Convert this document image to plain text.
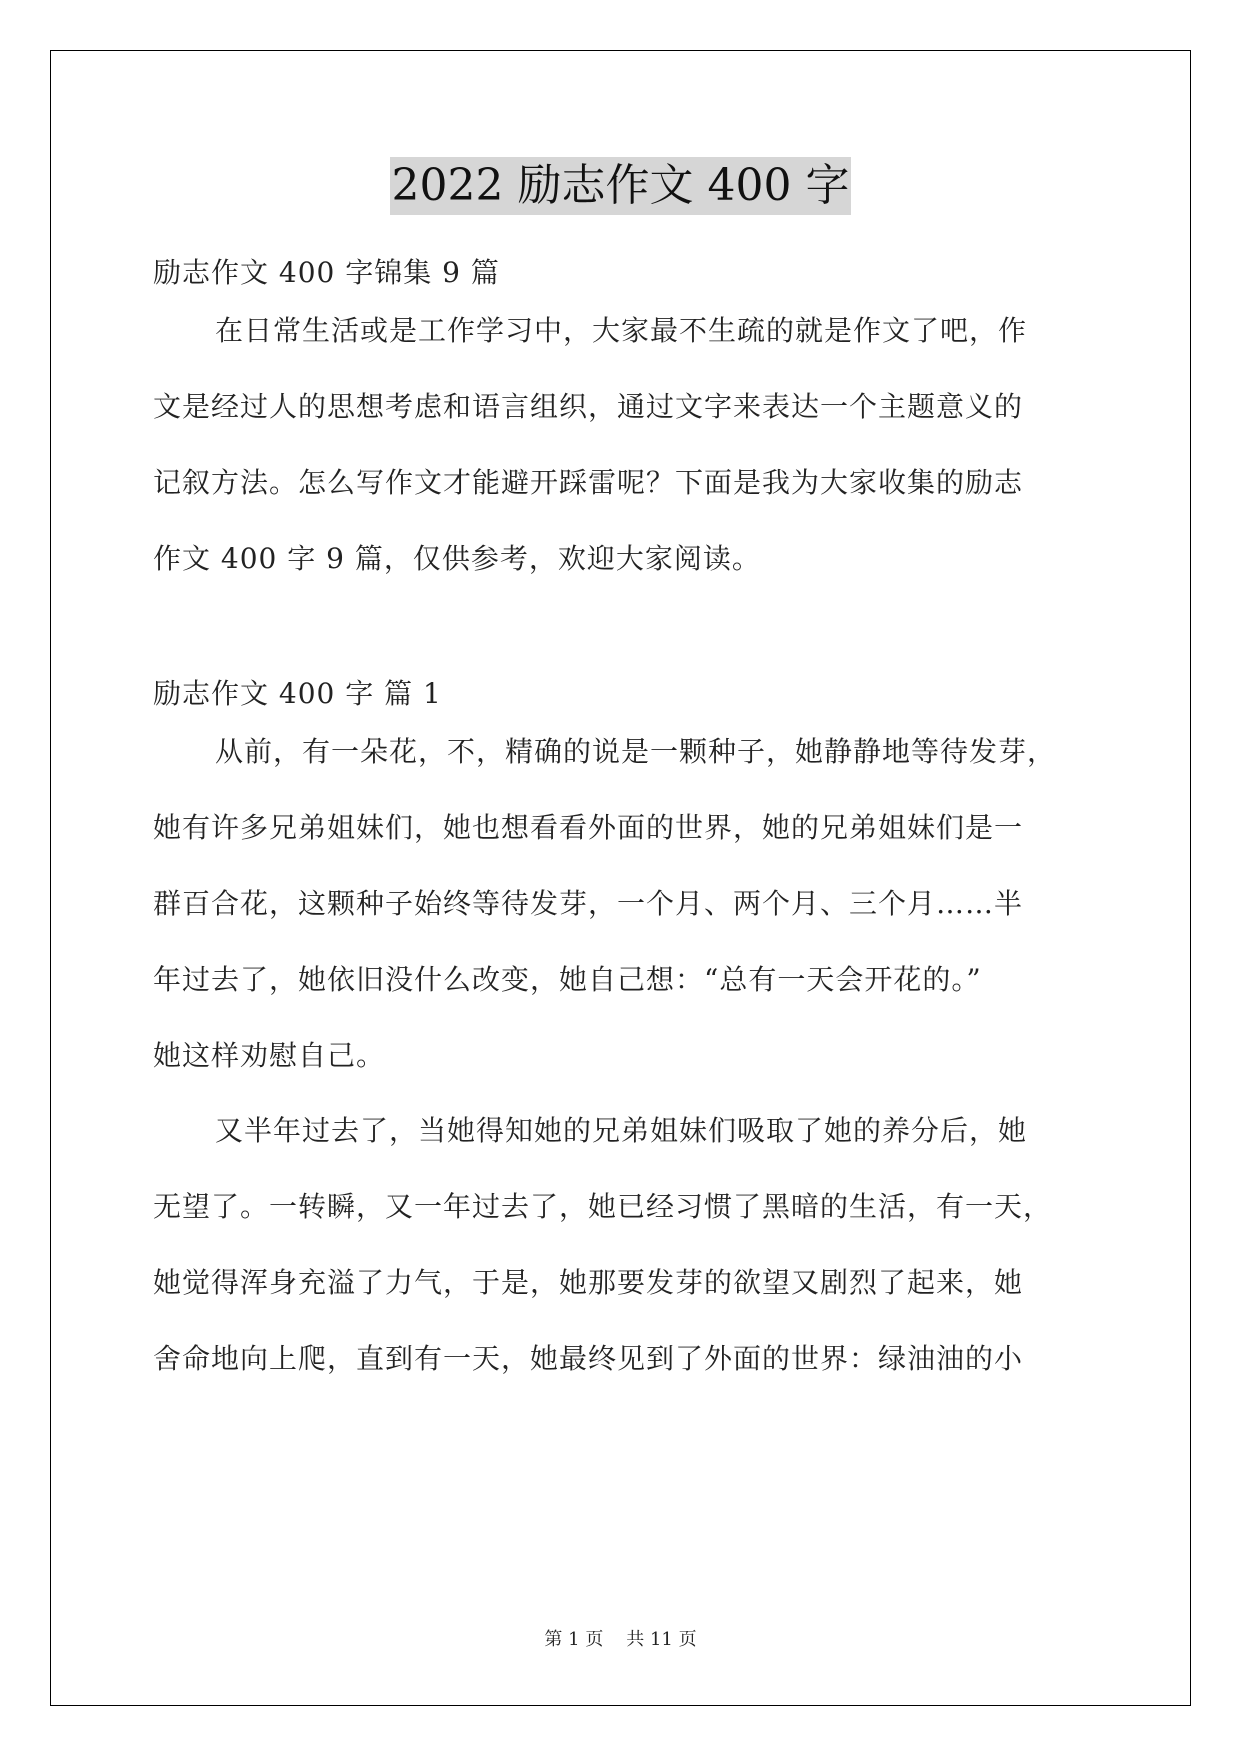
2022 励志作文 400 字
励志作文 400 字锦集 9 篇
在日常生活或是工作学习中，大家最不生疏的就是作文了吧，作
文是经过人的思想考虑和语言组织，通过文字来表达一个主题意义的
记叙方法。怎么写作文才能避开踩雷呢？下面是我为大家收集的励志
作文 400 字 9 篇，仅供参考，欢迎大家阅读。
励志作文 400 字 篇 1
从前，有一朵花，不，精确的说是一颗种子，她静静地等待发芽，
她有许多兄弟姐妹们，她也想看看外面的世界，她的兄弟姐妹们是一
群百合花，这颗种子始终等待发芽，一个月、两个月、三个月……半
年过去了，她依旧没什么改变，她自己想：“总有一天会开花的。”
她这样劝慰自己。
又半年过去了，当她得知她的兄弟姐妹们吸取了她的养分后，她
无望了。一转瞬，又一年过去了，她已经习惯了黑暗的生活，有一天，
她觉得浑身充溢了力气，于是，她那要发芽的欲望又剧烈了起来，她
舍命地向上爬，直到有一天，她最终见到了外面的世界：绿油油的小
第 1 页 共 11 页
